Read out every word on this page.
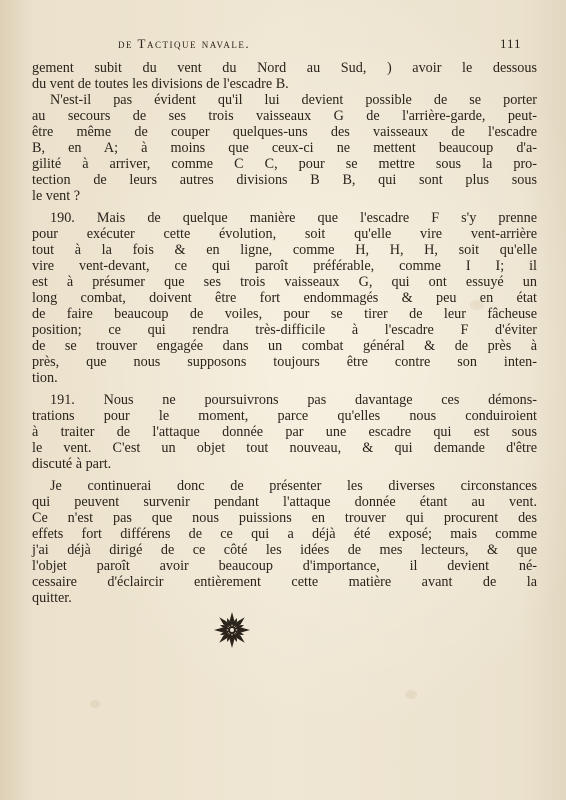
de Tactique navale.	111
gement subit du vent du Nord au Sud, ) avoir le dessous
du vent de toutes les divisions de l'escadre B.
N'est-il pas évident qu'il lui devient possible de se porter
au secours de ses trois vaisseaux G de l'arrière-garde, peut-
être même de couper quelques-uns des vaisseaux de l'escadre
B, en A; à moins que ceux-ci ne mettent beaucoup d'a-
gilité à arriver, comme C C, pour se mettre sous la pro-
tection de leurs autres divisions B B, qui sont plus sous
le vent ?
190. Mais de quelque manière que l'escadre F s'y prenne
pour exécuter cette évolution, soit qu'elle vire vent-arrière
tout à la fois & en ligne, comme H, H, H, soit qu'elle
vire vent-devant, ce qui paroît préférable, comme I I; il
est à présumer que ses trois vaisseaux G, qui ont essuyé un
long combat, doivent être fort endommagés & peu en état
de faire beaucoup de voiles, pour se tirer de leur fâcheuse
position; ce qui rendra très-difficile à l'escadre F d'éviter
de se trouver engagée dans un combat général & de près à
près, que nous supposons toujours être contre son inten-
tion.
191. Nous ne poursuivrons pas davantage ces démons-
trations pour le moment, parce qu'elles nous conduiroient
à traiter de l'attaque donnée par une escadre qui est sous
le vent. C'est un objet tout nouveau, & qui demande d'être
discuté à part.
Je continuerai donc de présenter les diverses circonstances
qui peuvent survenir pendant l'attaque donnée étant au vent.
Ce n'est pas que nous puissions en trouver qui procurent des
effets fort différens de ce qui a déjà été exposé; mais comme
j'ai déjà dirigé de ce côté les idées de mes lecteurs, & que
l'objet paroît avoir beaucoup d'importance, il devient né-
cessaire d'éclaircir entièrement cette matière avant de la
quitter.
